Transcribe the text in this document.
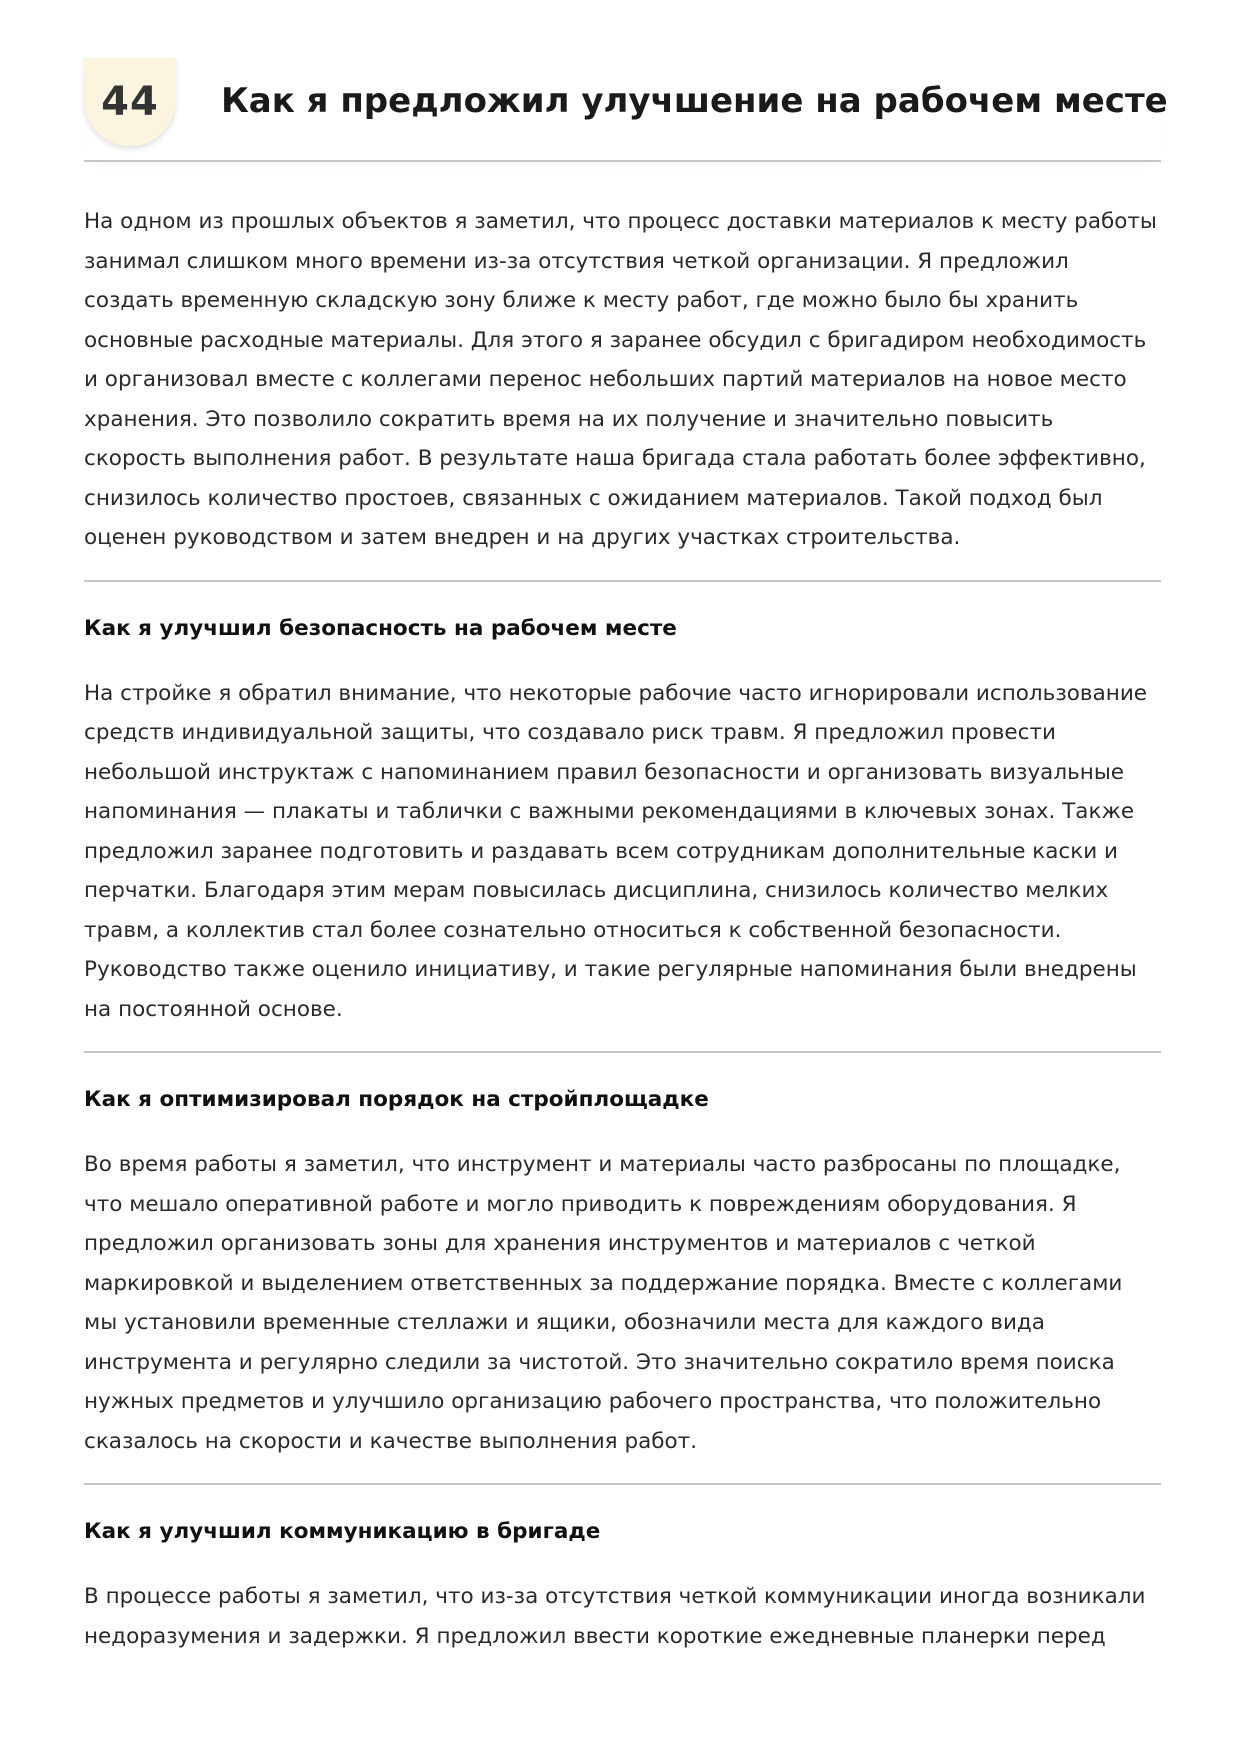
44 Как я предложил улучшение на рабочем месте

На одном из прошлых объектов я заметил, что процесс доставки материалов к месту работы занимал слишком много времени из-за отсутствия четкой организации. Я предложил создать временную складскую зону ближе к месту работ, где можно было бы хранить основные расходные материалы. Для этого я заранее обсудил с бригадиром необходимость и организовал вместе с коллегами перенос небольших партий материалов на новое место хранения. Это позволило сократить время на их получение и значительно повысить скорость выполнения работ. В результате наша бригада стала работать более эффективно, снизилось количество простоев, связанных с ожиданием материалов. Такой подход был оценен руководством и затем внедрен и на других участках строительства.

Как я улучшил безопасность на рабочем месте

На стройке я обратил внимание, что некоторые рабочие часто игнорировали использование средств индивидуальной защиты, что создавало риск травм. Я предложил провести небольшой инструктаж с напоминанием правил безопасности и организовать визуальные напоминания — плакаты и таблички с важными рекомендациями в ключевых зонах. Также предложил заранее подготовить и раздавать всем сотрудникам дополнительные каски и перчатки. Благодаря этим мерам повысилась дисциплина, снизилось количество мелких травм, а коллектив стал более сознательно относиться к собственной безопасности. Руководство также оценило инициативу, и такие регулярные напоминания были внедрены на постоянной основе.

Как я оптимизировал порядок на стройплощадке

Во время работы я заметил, что инструмент и материалы часто разбросаны по площадке, что мешало оперативной работе и могло приводить к повреждениям оборудования. Я предложил организовать зоны для хранения инструментов и материалов с четкой маркировкой и выделением ответственных за поддержание порядка. Вместе с коллегами мы установили временные стеллажи и ящики, обозначили места для каждого вида инструмента и регулярно следили за чистотой. Это значительно сократило время поиска нужных предметов и улучшило организацию рабочего пространства, что положительно сказалось на скорости и качестве выполнения работ.

Как я улучшил коммуникацию в бригаде

В процессе работы я заметил, что из-за отсутствия четкой коммуникации иногда возникали недоразумения и задержки. Я предложил ввести короткие ежедневные планерки перед
